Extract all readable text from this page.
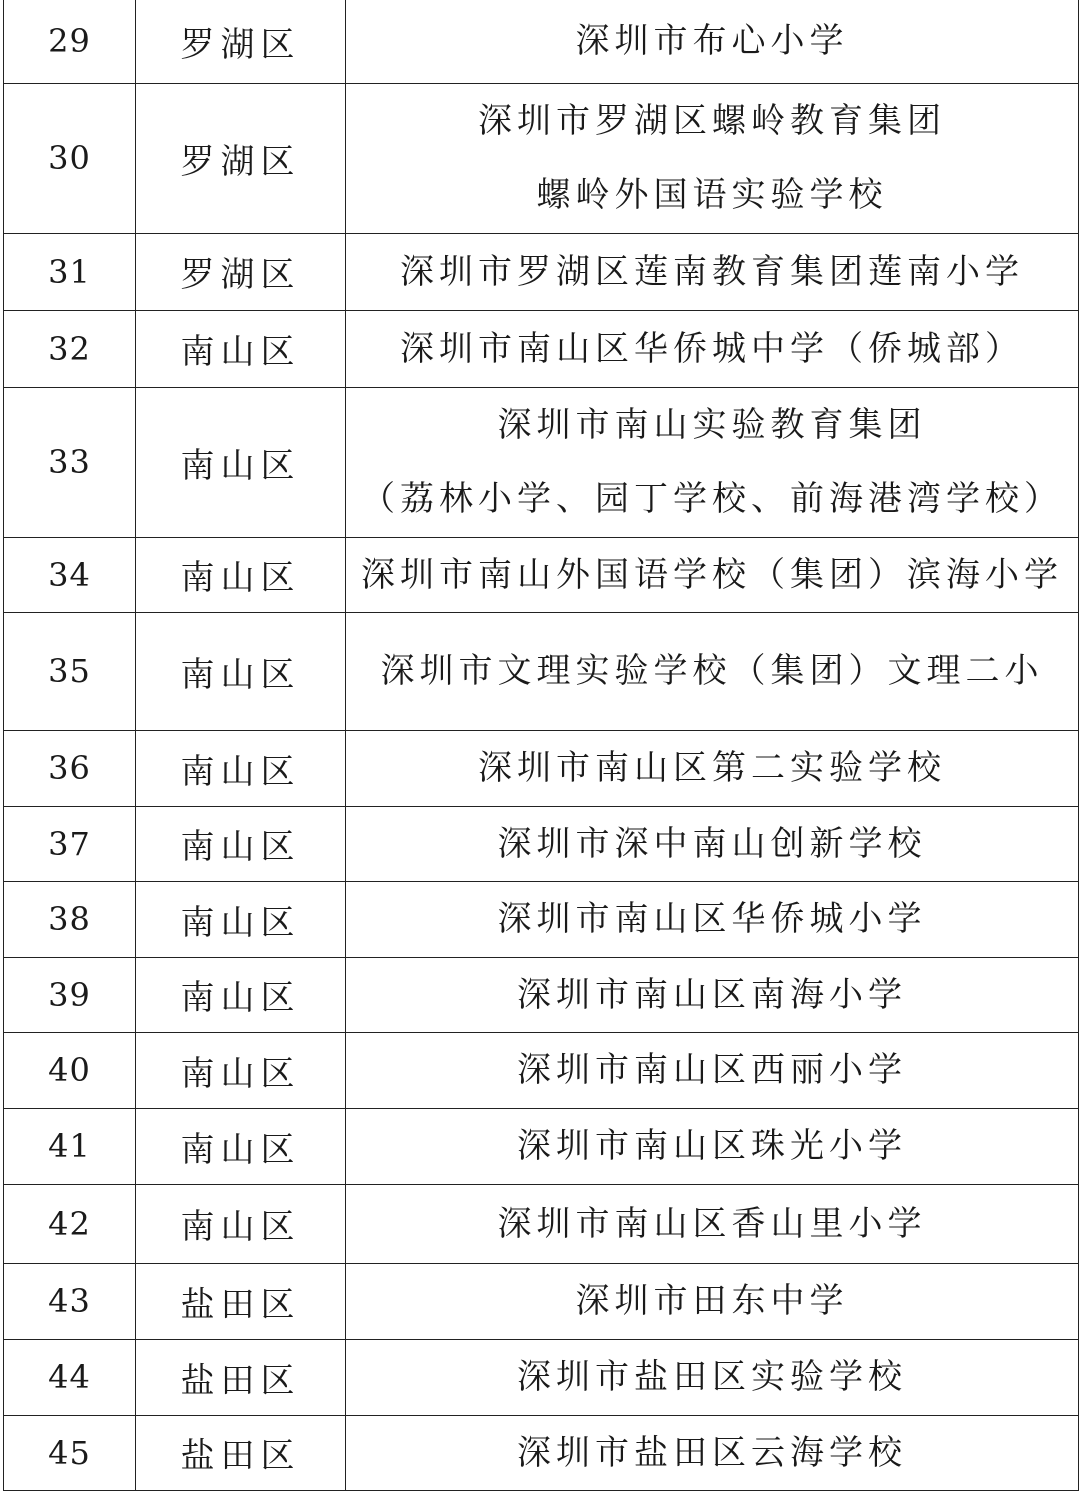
29	罗湖区	深圳市布心小学

30	罗湖区	深圳市罗湖区螺岭教育集团
螺岭外国语实验学校

31	罗湖区	深圳市罗湖区莲南教育集团莲南小学

32	南山区	深圳市南山区华侨城中学（侨城部）

33	南山区	深圳市南山实验教育集团
（荔林小学、园丁学校、前海港湾学校）

34	南山区	深圳市南山外国语学校（集团）滨海小学

35	南山区	深圳市文理实验学校（集团）文理二小

36	南山区	深圳市南山区第二实验学校

37	南山区	深圳市深中南山创新学校

38	南山区	深圳市南山区华侨城小学

39	南山区	深圳市南山区南海小学

40	南山区	深圳市南山区西丽小学

41	南山区	深圳市南山区珠光小学

42	南山区	深圳市南山区香山里小学

43	盐田区	深圳市田东中学

44	盐田区	深圳市盐田区实验学校

45	盐田区	深圳市盐田区云海学校
